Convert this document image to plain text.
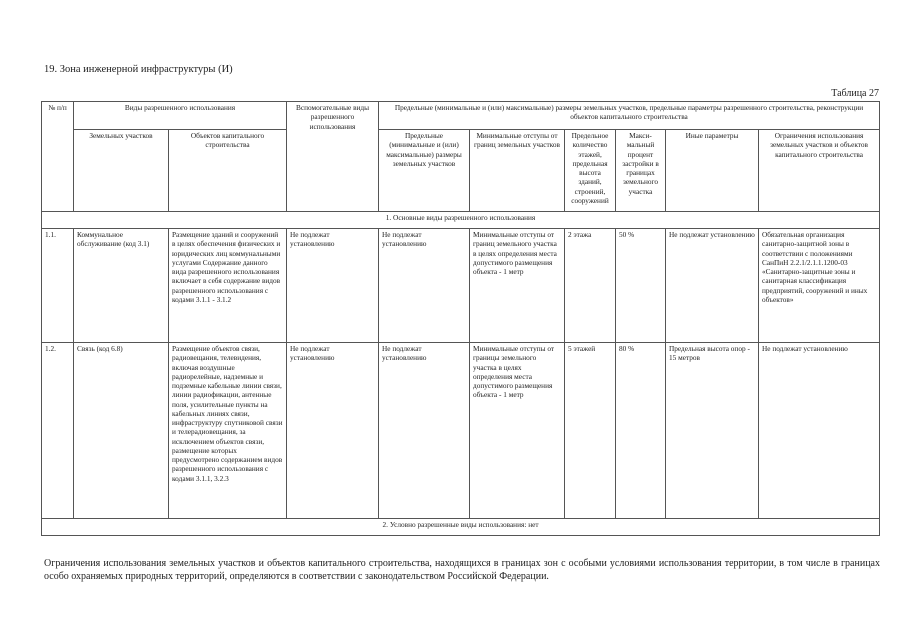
19. Зона инженерной инфраструктуры (И)
Таблица 27
№ п/п	Виды разрешенного использования		Вспомогательные виды разрешенного использования	Предельные (минимальные и (или) максимальные) размеры земельных участков, предельные параметры разрешенного строительства, реконструкции объектов капитального строительства					
	Земельных участков	Объектов капитального строительства		Предельные (минимальные и (или) максимальные) размеры земельных участков	Минимальные отступы от границ земельных участков	Предельное количество этажей, предельная высота зданий, строений, сооружений	Макси-мальный процент застройки в границах земельного участка	Иные параметры	Ограничения использования земельных участков и объектов капитального строительства
1. Основные виды разрешенного использования									
1.1.	Коммунальное обслуживание (код 3.1)	Размещение зданий и сооружений в целях обеспечения физических и юридических лиц коммунальными услугами Содержание данного вида разрешенного использования включает в себя содержание видов разрешенного использования с кодами 3.1.1 - 3.1.2	Не подлежат установлению	Не подлежат установлению	Минимальные отступы от границ земельного участка в целях определения места допустимого размещения объекта - 1 метр	2 этажа	50 %	Не подлежат установлению	Обязательная организация санитарно-защитной зоны в соответствии с положениями СанПиН 2.2.1/2.1.1.1200-03 «Санитарно-защитные зоны и санитарная классификация предприятий, сооружений и иных объектов»
1.2.	Связь (код 6.8)	Размещение объектов связи, радиовещания, телевидения, включая воздушные радиорелейные, надземные и подземные кабельные линии связи, линии радиофикации, антенные поля, усилительные пункты на кабельных линиях связи, инфраструктуру спутниковой связи и телерадиовещания, за исключением объектов связи, размещение которых предусмотрено содержанием видов разрешенного использования с кодами 3.1.1, 3.2.3	Не подлежат установлению	Не подлежат установлению	Минимальные отступы от границы земельного участка в целях определения места допустимого размещения объекта - 1 метр	5 этажей	80 %	Предельная высота опор - 15 метров	Не подлежат установлению
2. Условно разрешенные виды использования: нет									
Ограничения использования земельных участков и объектов капитального строительства, находящихся в границах зон с особыми условиями использования территории, в том числе в границах особо охраняемых природных территорий, определяются в соответствии с законодательством Российской Федерации.
